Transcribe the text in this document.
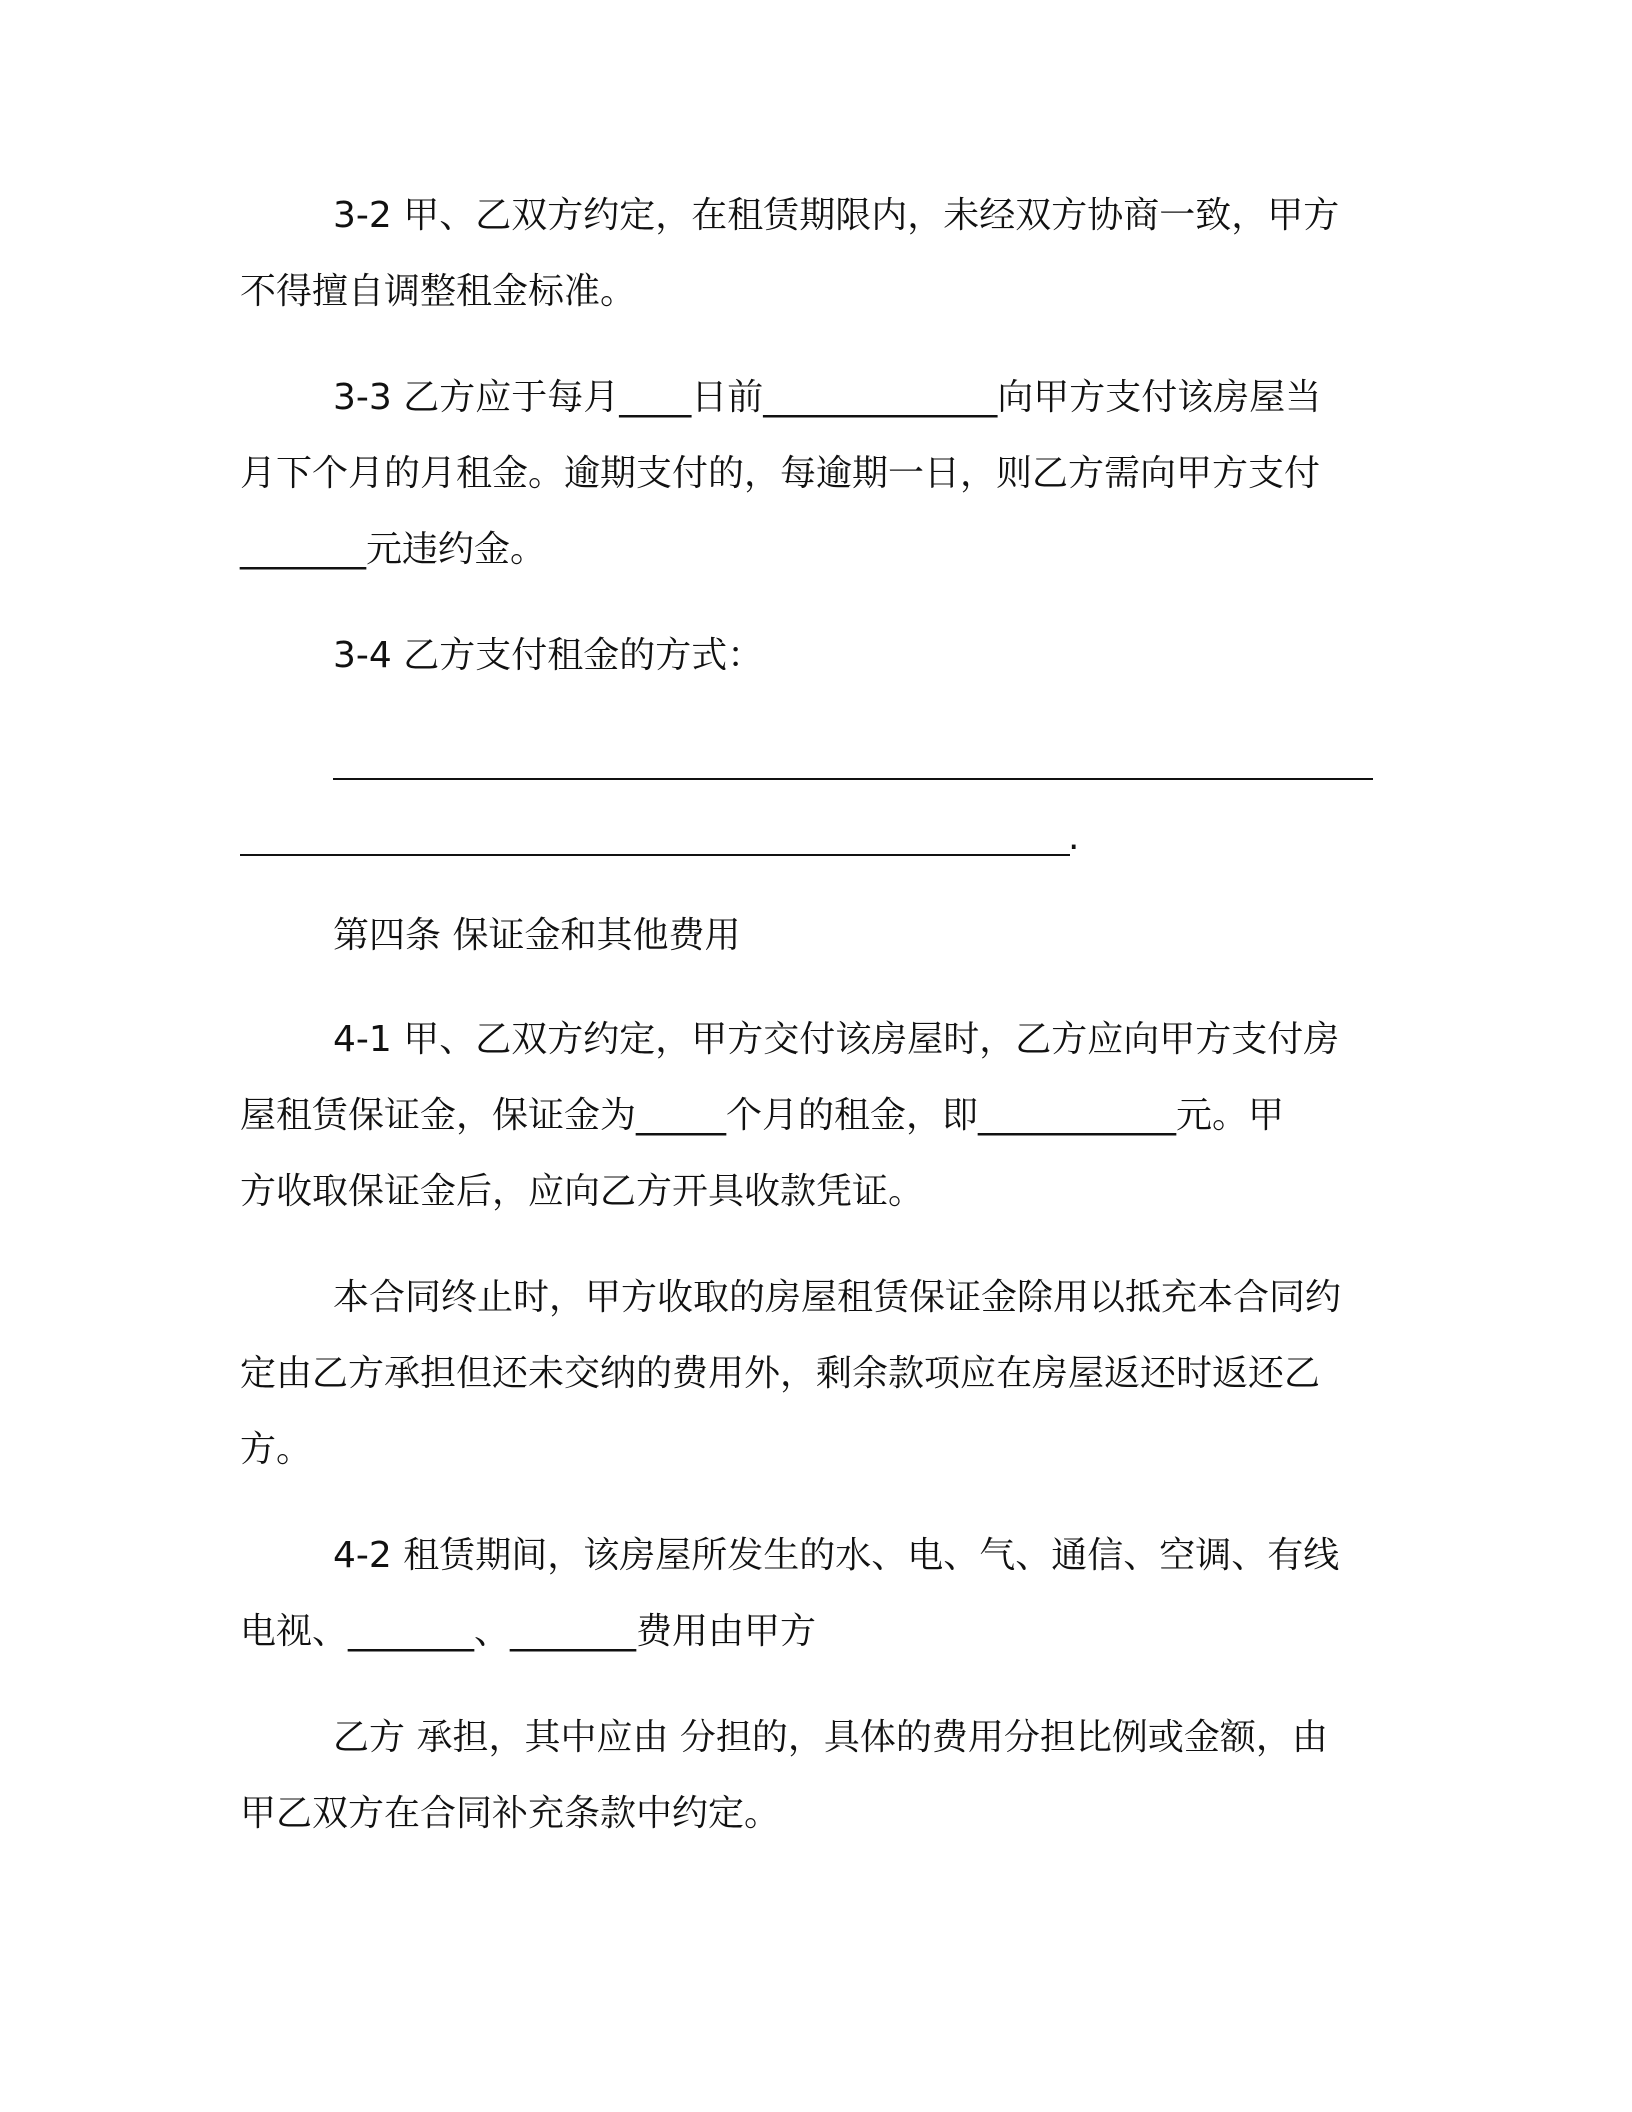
3-2 甲、乙双方约定，在租赁期限内，未经双方协商一致，甲方
不得擅自调整租金标准。
3-3 乙方应于每月____日前_____________向甲方支付该房屋当
月下个月的月租金。逾期支付的，每逾期一日，则乙方需向甲方支付
_______元违约金。
3-4 乙方支付租金的方式：
.
第四条 保证金和其他费用
4-1 甲、乙双方约定，甲方交付该房屋时，乙方应向甲方支付房
屋租赁保证金，保证金为_____个月的租金，即___________元。甲
方收取保证金后，应向乙方开具收款凭证。
本合同终止时，甲方收取的房屋租赁保证金除用以抵充本合同约
定由乙方承担但还未交纳的费用外，剩余款项应在房屋返还时返还乙
方。
4-2 租赁期间，该房屋所发生的水、电、气、通信、空调、有线
电视、_______、_______费用由甲方
乙方 承担，其中应由 分担的，具体的费用分担比例或金额，由
甲乙双方在合同补充条款中约定。
